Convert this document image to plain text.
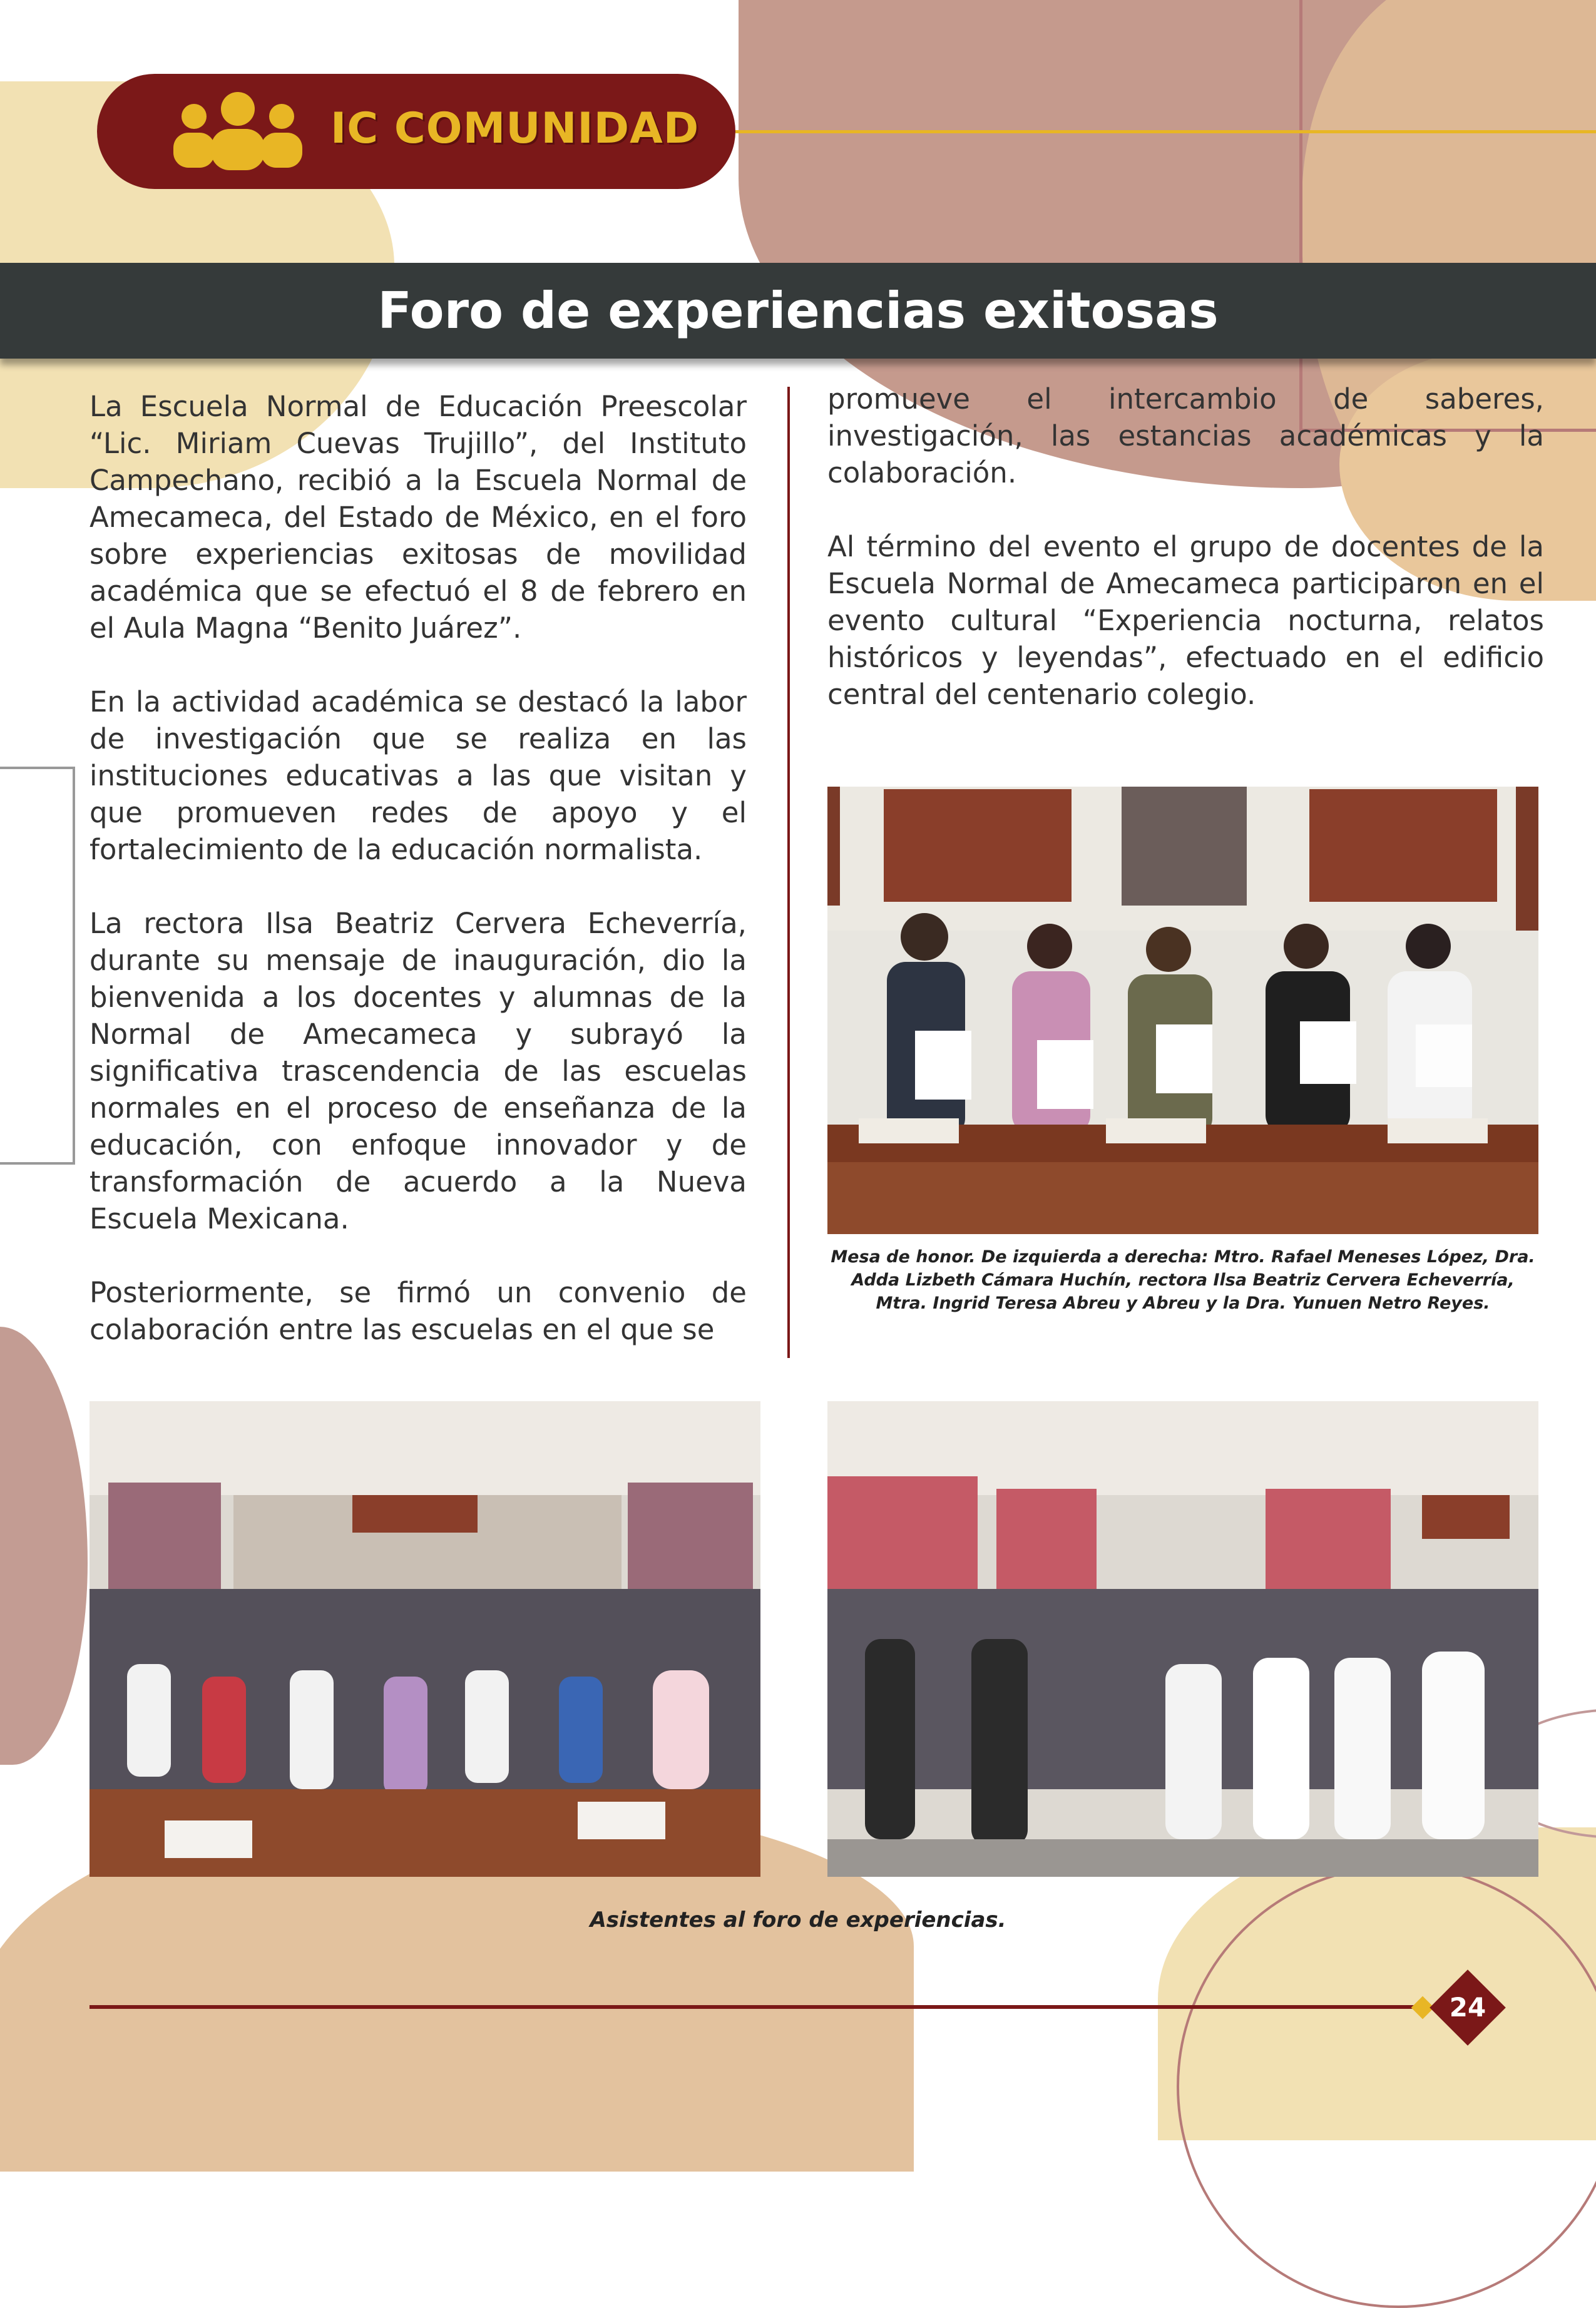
IC COMUNIDAD
Foro de experiencias exitosas

La Escuela Normal de Educación Preescolar “Lic. Miriam Cuevas Trujillo”, del Instituto Campechano, recibió a la Escuela Normal de Amecameca, del Estado de México, en el foro sobre experiencias exitosas de movilidad académica que se efectuó el 8 de febrero en el Aula Magna “Benito Juárez”.

En la actividad académica se destacó la labor de investigación que se realiza en las instituciones educativas a las que visitan y que promueven redes de apoyo y el fortalecimiento de la educación normalista.

La rectora Ilsa Beatriz Cervera Echeverría, durante su mensaje de inauguración, dio la bienvenida a los docentes y alumnas de la Normal de Amecameca y subrayó la significativa trascendencia de las escuelas normales en el proceso de enseñanza de la educación, con enfoque innovador y de transformación de acuerdo a la Nueva Escuela Mexicana.

Posteriormente, se firmó un convenio de colaboración entre las escuelas en el que se

promueve el intercambio de saberes, investigación, las estancias académicas y la colaboración.

Al término del evento el grupo de docentes de la Escuela Normal de Amecameca participaron en el evento cultural “Experiencia nocturna, relatos históricos y leyendas”, efectuado en el edificio central del centenario colegio.

Mesa de honor. De izquierda a derecha: Mtro. Rafael Meneses López, Dra. Adda Lizbeth Cámara Huchín, rectora Ilsa Beatriz Cervera Echeverría, Mtra. Ingrid Teresa Abreu y Abreu y la Dra. Yunuen Netro Reyes.
Asistentes al foro de experiencias.
24
